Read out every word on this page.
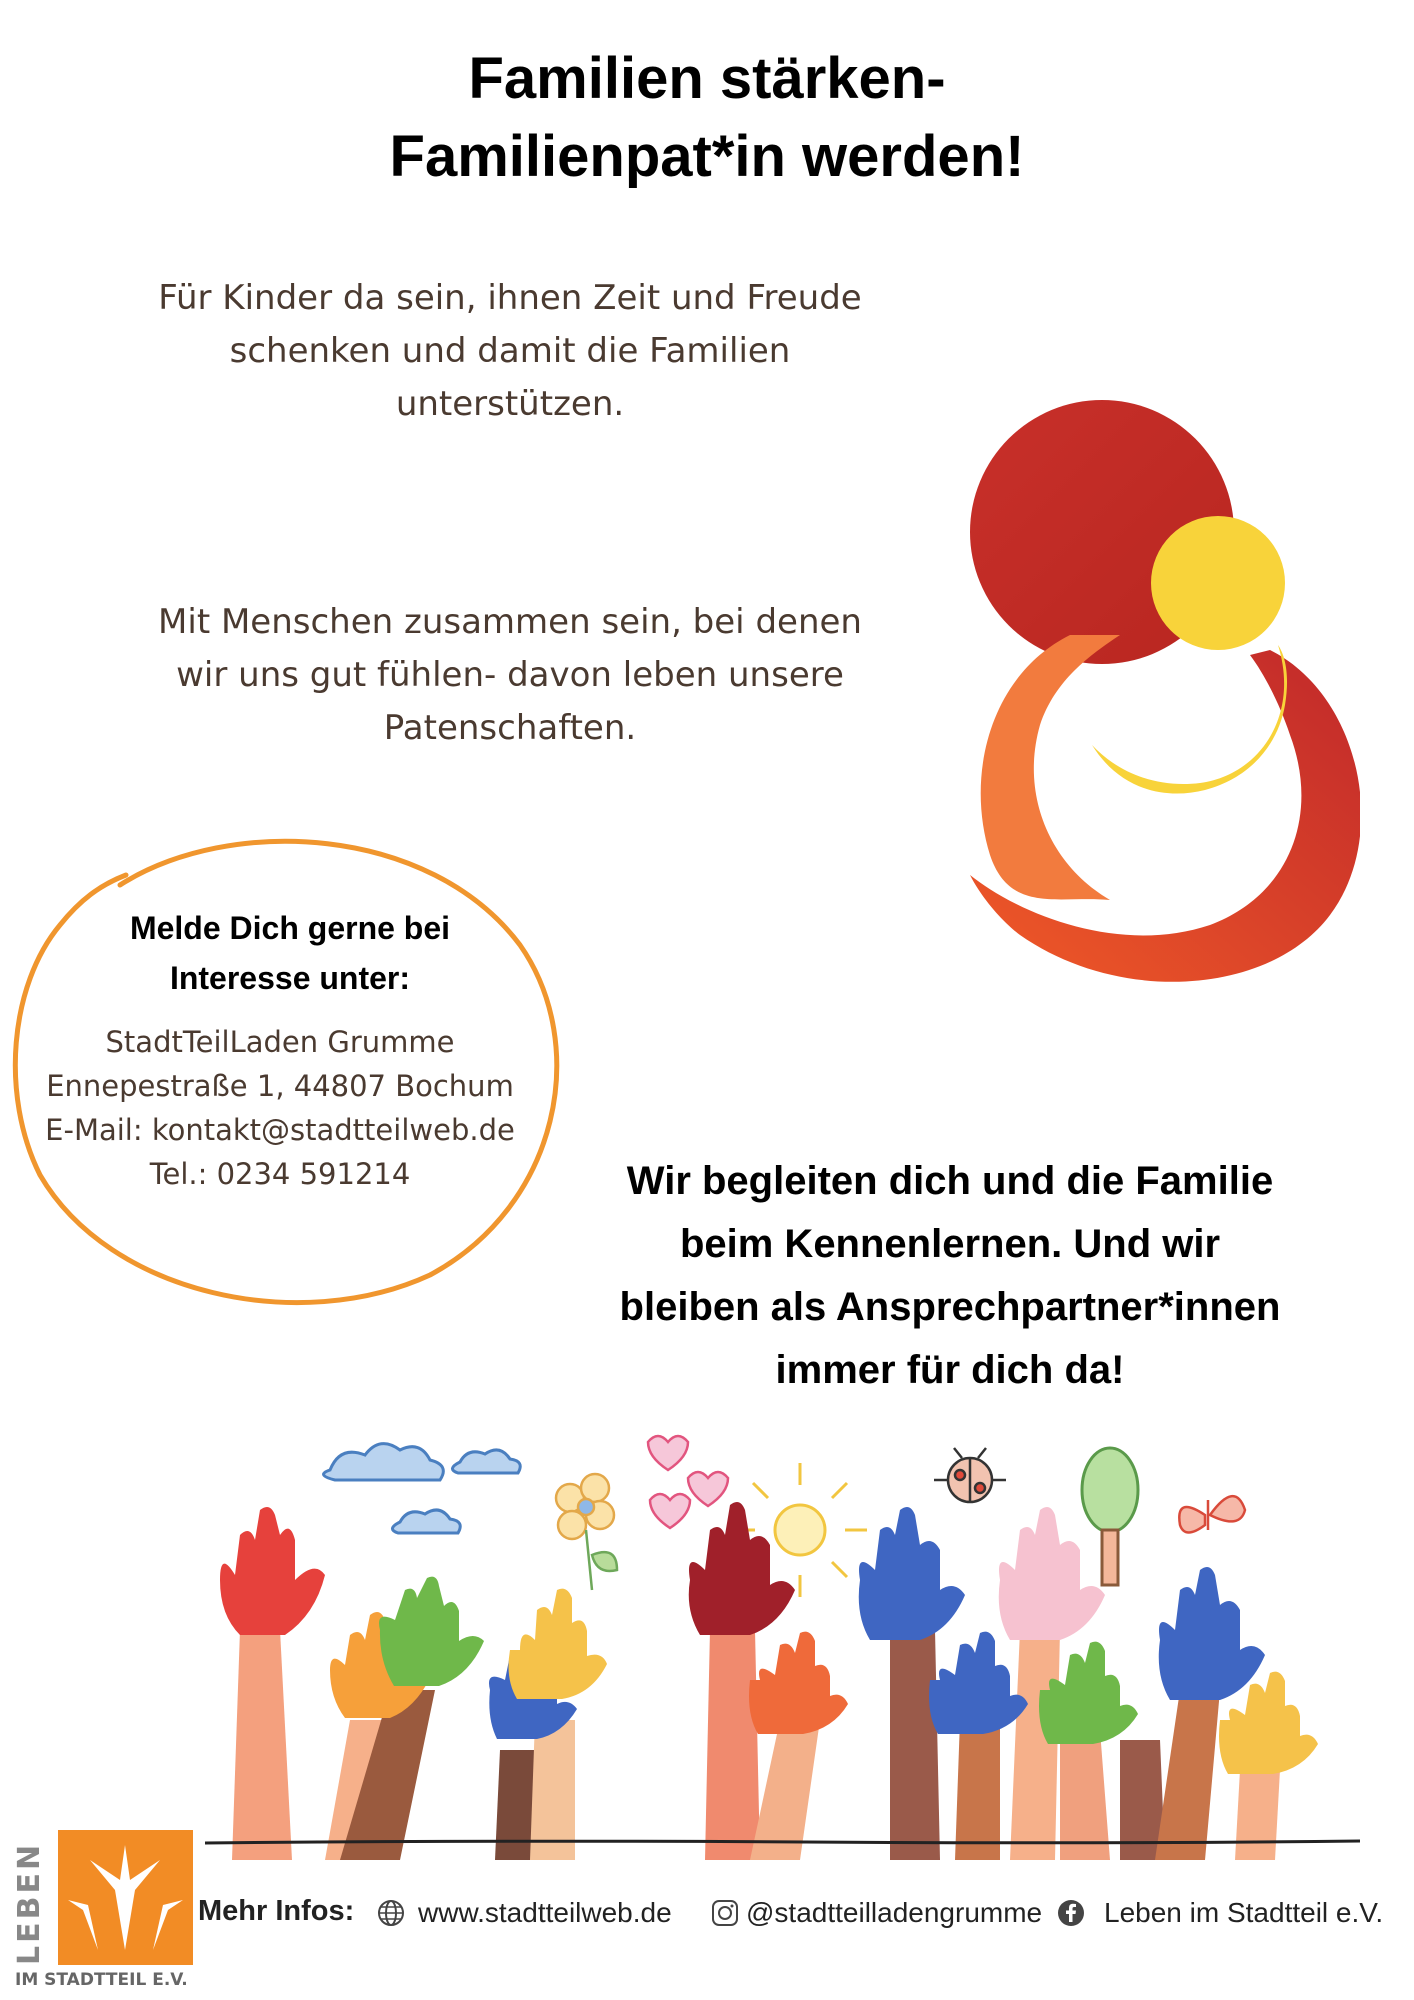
Familien stärken-
Familienpat*in werden!
Für Kinder da sein, ihnen Zeit und Freude
schenken und damit die Familien
unterstützen.
Mit Menschen zusammen sein, bei denen
wir uns gut fühlen- davon leben unsere
Patenschaften.
Melde Dich gerne bei
Interesse unter:
StadtTeilLaden Grumme
Ennepestraße 1, 44807 Bochum
E-Mail: kontakt@stadtteilweb.de
Tel.: 0234 591214	Wir begleiten dich und die Familie
beim Kennenlernen. Und wir
bleiben als Ansprechpartner*innen
immer für dich da!
LEBEN
IM STADTTEIL E.V.
Mehr Infos: www.stadtteilweb.de	@stadtteilladengrumme Leben im Stadtteil e.V.
